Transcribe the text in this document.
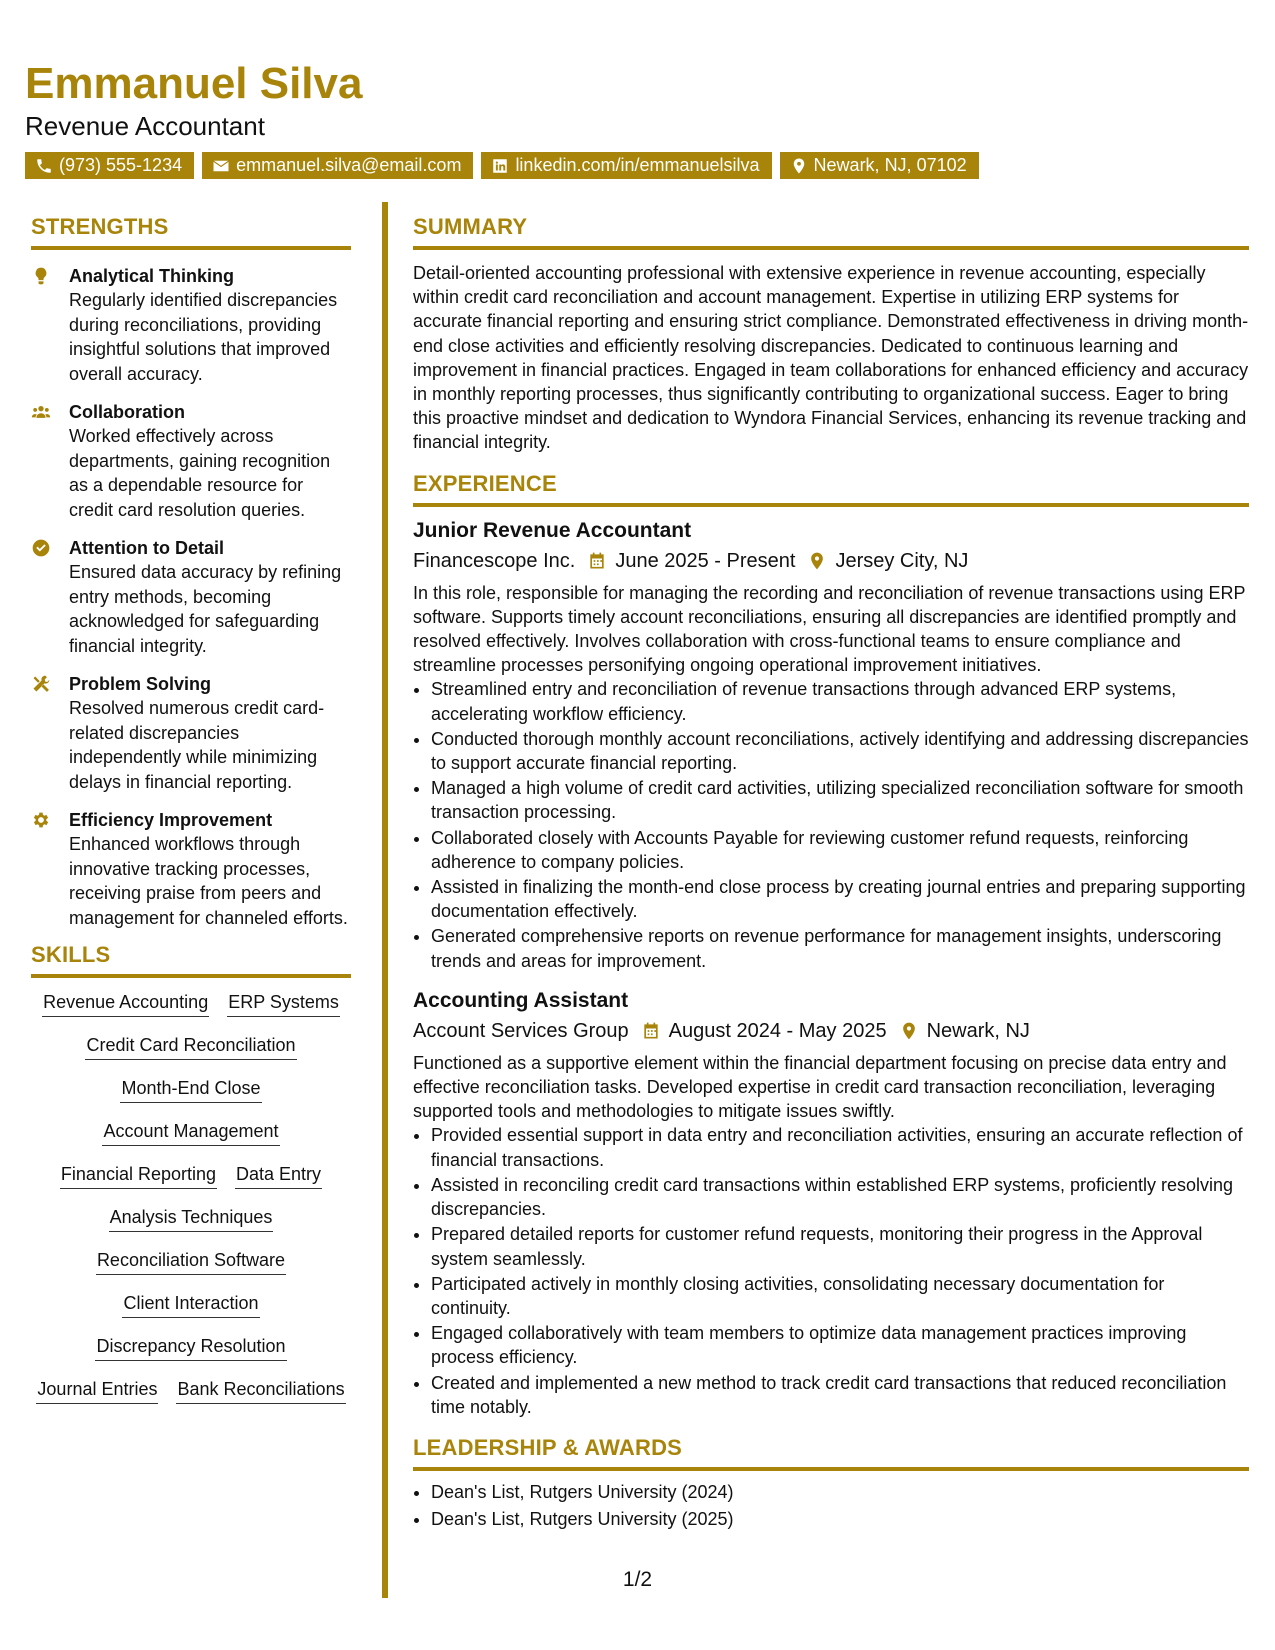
Emmanuel Silva
Revenue Accountant
(973) 555-1234	emmanuel.silva@email.com	linkedin.com/in/emmanuelsilva	Newark, NJ, 07102
STRENGTHS
Analytical Thinking
Regularly identified discrepancies during reconciliations, providing insightful solutions that improved overall accuracy.
Collaboration
Worked effectively across departments, gaining recognition as a dependable resource for credit card resolution queries.
Attention to Detail
Ensured data accuracy by refining entry methods, becoming acknowledged for safeguarding financial integrity.
Problem Solving
Resolved numerous credit card-related discrepancies independently while minimizing delays in financial reporting.
Efficiency Improvement
Enhanced workflows through innovative tracking processes, receiving praise from peers and management for channeled efforts.
SKILLS
Revenue Accounting ERP Systems
Credit Card Reconciliation
Month-End Close
Account Management
Financial Reporting Data Entry
Analysis Techniques
Reconciliation Software
Client Interaction
Discrepancy Resolution
Journal Entries Bank Reconciliations
SUMMARY
Detail-oriented accounting professional with extensive experience in revenue accounting, especially within credit card reconciliation and account management. Expertise in utilizing ERP systems for accurate financial reporting and ensuring strict compliance. Demonstrated effectiveness in driving month-end close activities and efficiently resolving discrepancies. Dedicated to continuous learning and improvement in financial practices. Engaged in team collaborations for enhanced efficiency and accuracy in monthly reporting processes, thus significantly contributing to organizational success. Eager to bring this proactive mindset and dedication to Wyndora Financial Services, enhancing its revenue tracking and financial integrity.
EXPERIENCE
Junior Revenue Accountant
Financescope Inc. June 2025 - Present Jersey City, NJ
In this role, responsible for managing the recording and reconciliation of revenue transactions using ERP software. Supports timely account reconciliations, ensuring all discrepancies are identified promptly and resolved effectively. Involves collaboration with cross-functional teams to ensure compliance and streamline processes personifying ongoing operational improvement initiatives.
• Streamlined entry and reconciliation of revenue transactions through advanced ERP systems, accelerating workflow efficiency.
• Conducted thorough monthly account reconciliations, actively identifying and addressing discrepancies to support accurate financial reporting.
• Managed a high volume of credit card activities, utilizing specialized reconciliation software for smooth transaction processing.
• Collaborated closely with Accounts Payable for reviewing customer refund requests, reinforcing adherence to company policies.
• Assisted in finalizing the month-end close process by creating journal entries and preparing supporting documentation effectively.
• Generated comprehensive reports on revenue performance for management insights, underscoring trends and areas for improvement.
Accounting Assistant
Account Services Group August 2024 - May 2025 Newark, NJ
Functioned as a supportive element within the financial department focusing on precise data entry and effective reconciliation tasks. Developed expertise in credit card transaction reconciliation, leveraging supported tools and methodologies to mitigate issues swiftly.
• Provided essential support in data entry and reconciliation activities, ensuring an accurate reflection of financial transactions.
• Assisted in reconciling credit card transactions within established ERP systems, proficiently resolving discrepancies.
• Prepared detailed reports for customer refund requests, monitoring their progress in the Approval system seamlessly.
• Participated actively in monthly closing activities, consolidating necessary documentation for continuity.
• Engaged collaboratively with team members to optimize data management practices improving process efficiency.
• Created and implemented a new method to track credit card transactions that reduced reconciliation time notably.
LEADERSHIP & AWARDS
• Dean's List, Rutgers University (2024)
• Dean's List, Rutgers University (2025)
1/2
